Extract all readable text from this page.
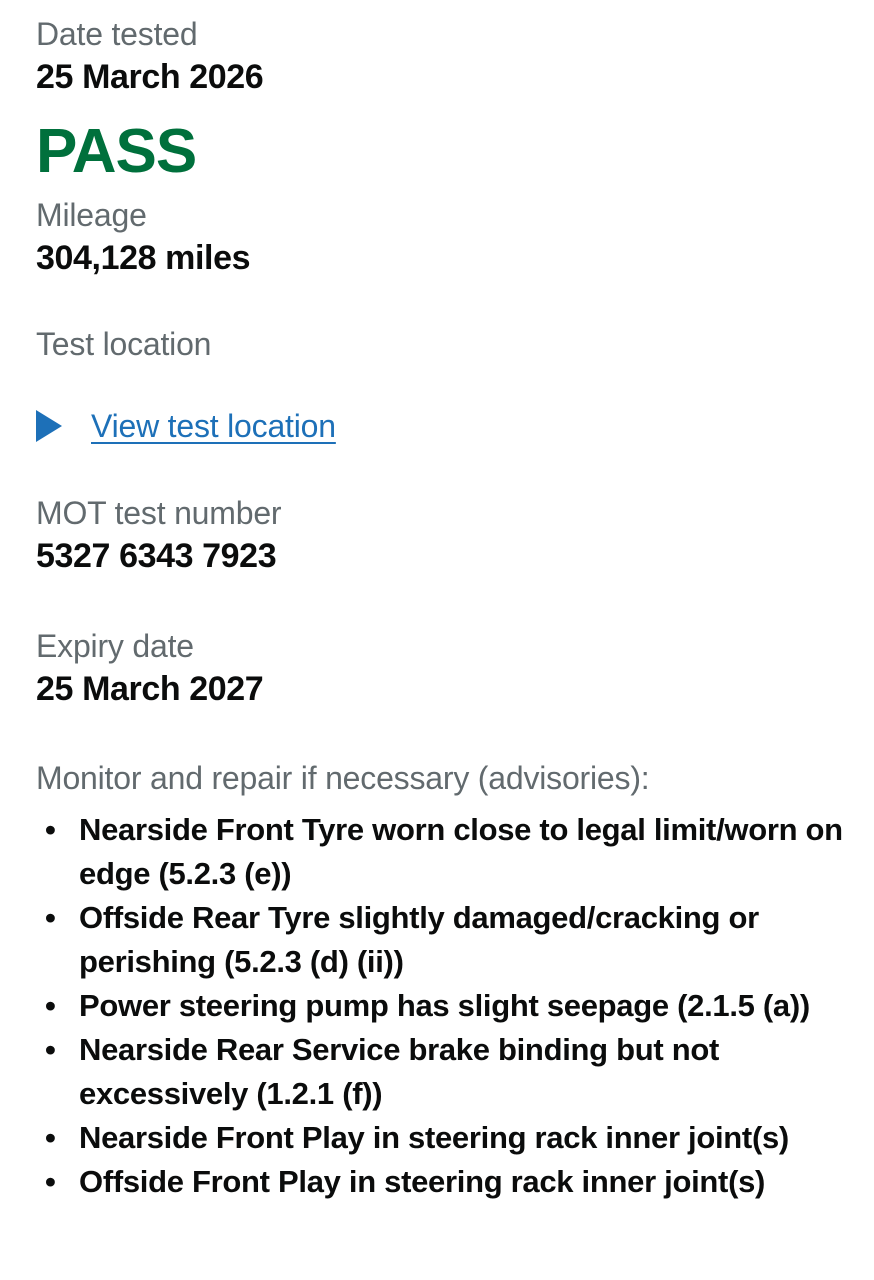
Date tested
25 March 2026
PASS
Mileage
304,128 miles
Test location
View test location
MOT test number
5327 6343 7923
Expiry date
25 March 2027
Monitor and repair if necessary (advisories):
• Nearside Front Tyre worn close to legal limit/worn on edge (5.2.3 (e))
• Offside Rear Tyre slightly damaged/cracking or perishing (5.2.3 (d) (ii))
• Power steering pump has slight seepage (2.1.5 (a))
• Nearside Rear Service brake binding but not excessively (1.2.1 (f))
• Nearside Front Play in steering rack inner joint(s)
• Offside Front Play in steering rack inner joint(s)
